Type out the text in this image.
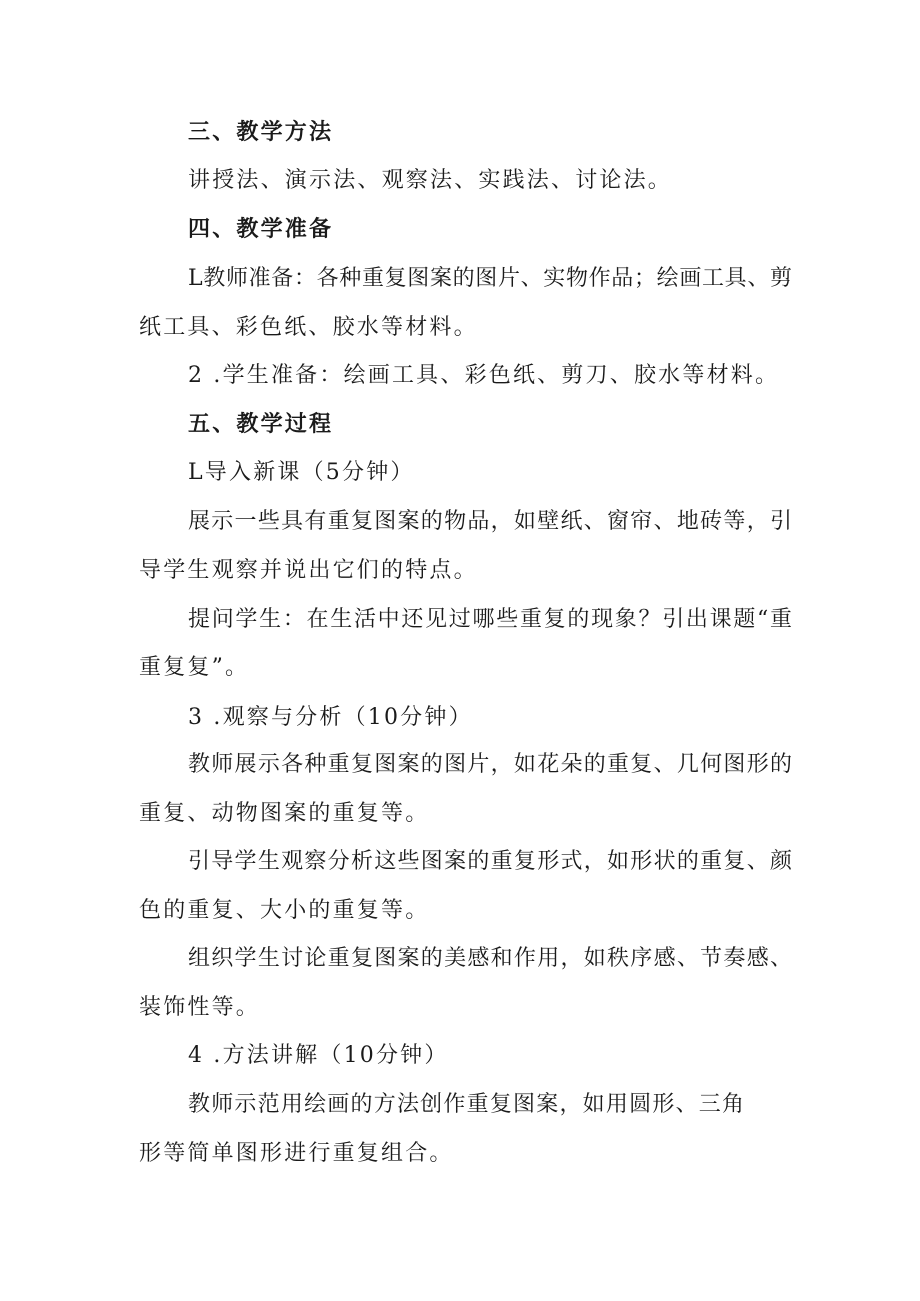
三、教学方法
讲授法、演示法、观察法、实践法、讨论法。
四、教学准备
L教师准备：各种重复图案的图片、实物作品；绘画工具、剪
纸工具、彩色纸、胶水等材料。
2 .学生准备：绘画工具、彩色纸、剪刀、胶水等材料。
五、教学过程
L导入新课（5分钟）
展示一些具有重复图案的物品，如壁纸、窗帘、地砖等，引
导学生观察并说出它们的特点。
提问学生：在生活中还见过哪些重复的现象？引出课题“重
重复复”。
3 .观察与分析（10分钟）
教师展示各种重复图案的图片，如花朵的重复、几何图形的
重复、动物图案的重复等。
引导学生观察分析这些图案的重复形式，如形状的重复、颜
色的重复、大小的重复等。
组织学生讨论重复图案的美感和作用，如秩序感、节奏感、
装饰性等。
4 .方法讲解（10分钟）
教师示范用绘画的方法创作重复图案，如用圆形、三角
形等简单图形进行重复组合。
